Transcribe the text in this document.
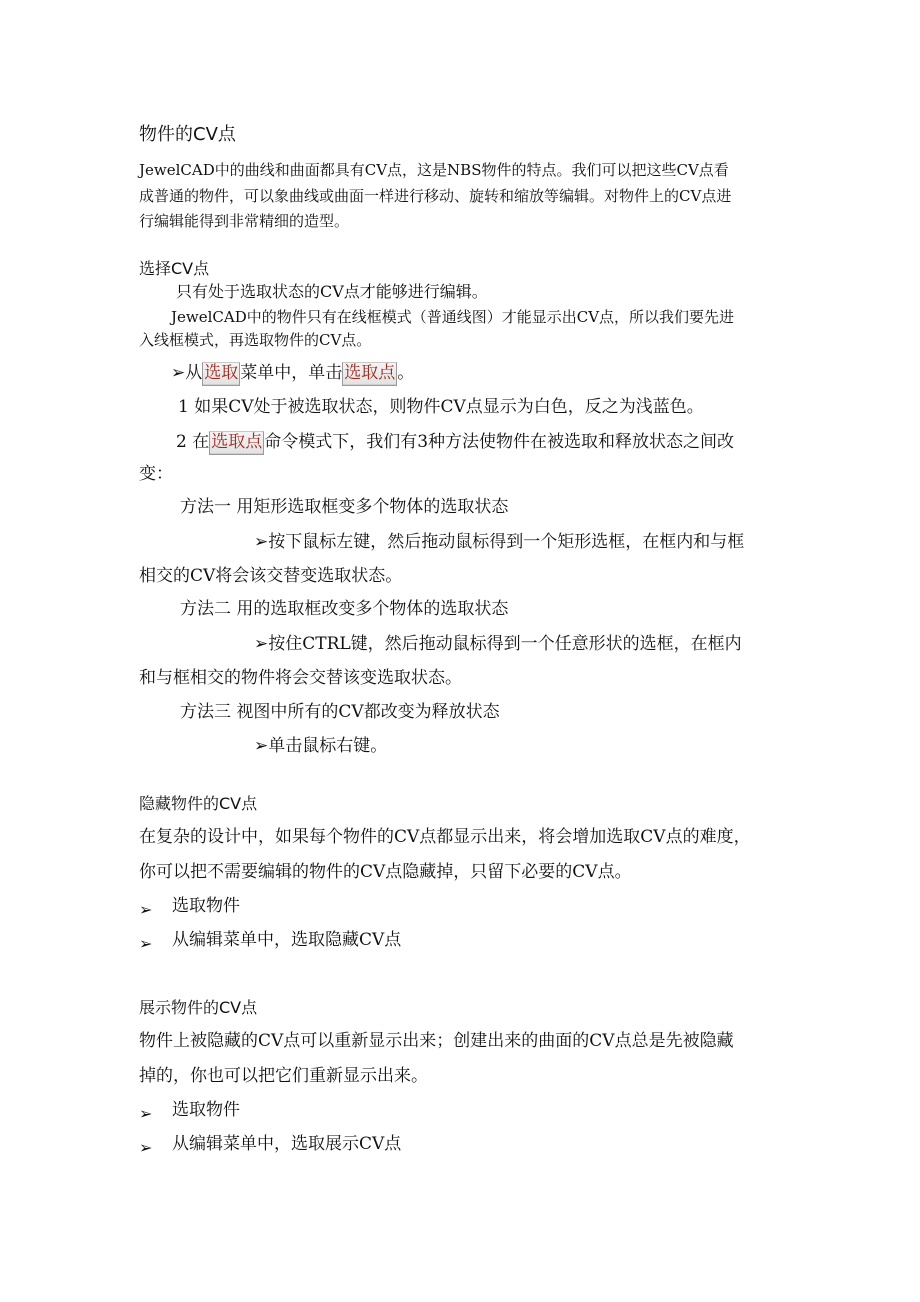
物件的CV点
JewelCAD中的曲线和曲面都具有CV点，这是NBS物件的特点。我们可以把这些CV点看
成普通的物件，可以象曲线或曲面一样进行移动、旋转和缩放等编辑。对物件上的CV点进
行编辑能得到非常精细的造型。
选择CV点
只有处于选取状态的CV点才能够进行编辑。
JewelCAD中的物件只有在线框模式（普通线图）才能显示出CV点，所以我们要先进
入线框模式，再选取物件的CV点。
➢从 选取 菜单中，单击 选取点 。
1 如果CV处于被选取状态，则物件CV点显示为白色，反之为浅蓝色。
2 在 选取点 命令模式下，我们有3种方法使物件在被选取和释放状态之间改
变：
方法一 用矩形选取框变多个物体的选取状态
➢按下鼠标左键，然后拖动鼠标得到一个矩形选框，在框内和与框
相交的CV将会该交替变选取状态。
方法二 用的选取框改变多个物体的选取状态
➢按住CTRL键，然后拖动鼠标得到一个任意形状的选框，在框内
和与框相交的物件将会交替该变选取状态。
方法三 视图中所有的CV都改变为释放状态
➢单击鼠标右键。
隐藏物件的CV点
在复杂的设计中，如果每个物件的CV点都显示出来，将会增加选取CV点的难度，
你可以把不需要编辑的物件的CV点隐藏掉，只留下必要的CV点。
➢ 选取物件
➢ 从编辑菜单中，选取隐藏CV点
展示物件的CV点
物件上被隐藏的CV点可以重新显示出来；创建出来的曲面的CV点总是先被隐藏
掉的，你也可以把它们重新显示出来。
➢ 选取物件
➢ 从编辑菜单中，选取展示CV点
